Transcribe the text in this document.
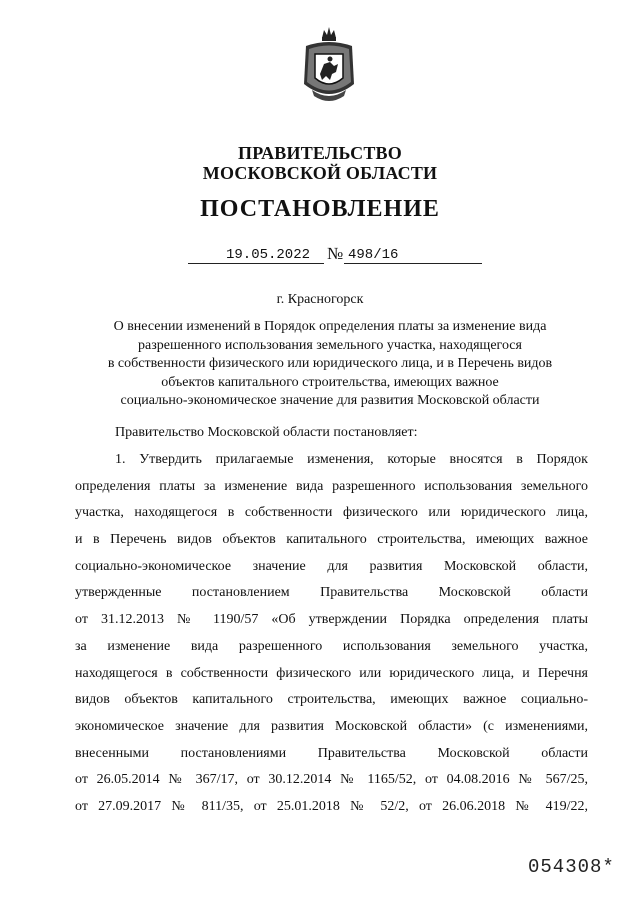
ПРАВИТЕЛЬСТВО
МОСКОВСКОЙ ОБЛАСТИ
ПОСТАНОВЛЕНИЕ
19.05.2022 № 498/16
г. Красногорск
О внесении изменений в Порядок определения платы за изменение вида
разрешенного использования земельного участка, находящегося
в собственности физического или юридического лица, и в Перечень видов
объектов капитального строительства, имеющих важное
социально-экономическое значение для развития Московской области
Правительство Московской области постановляет:
1. Утвердить прилагаемые изменения, которые вносятся в Порядок
определения платы за изменение вида разрешенного использования земельного
участка, находящегося в собственности физического или юридического лица,
и в Перечень видов объектов капитального строительства, имеющих важное
социально-экономическое значение для развития Московской области,
утвержденные постановлением Правительства Московской области
от 31.12.2013 № 1190/57 «Об утверждении Порядка определения платы
за изменение вида разрешенного использования земельного участка,
находящегося в собственности физического или юридического лица, и Перечня
видов объектов капитального строительства, имеющих важное социально-
экономическое значение для развития Московской области» (с изменениями,
внесенными постановлениями Правительства Московской области
от 26.05.2014 № 367/17, от 30.12.2014 № 1165/52, от 04.08.2016 № 567/25,
от 27.09.2017 № 811/35, от 25.01.2018 № 52/2, от 26.06.2018 № 419/22,
054308*
